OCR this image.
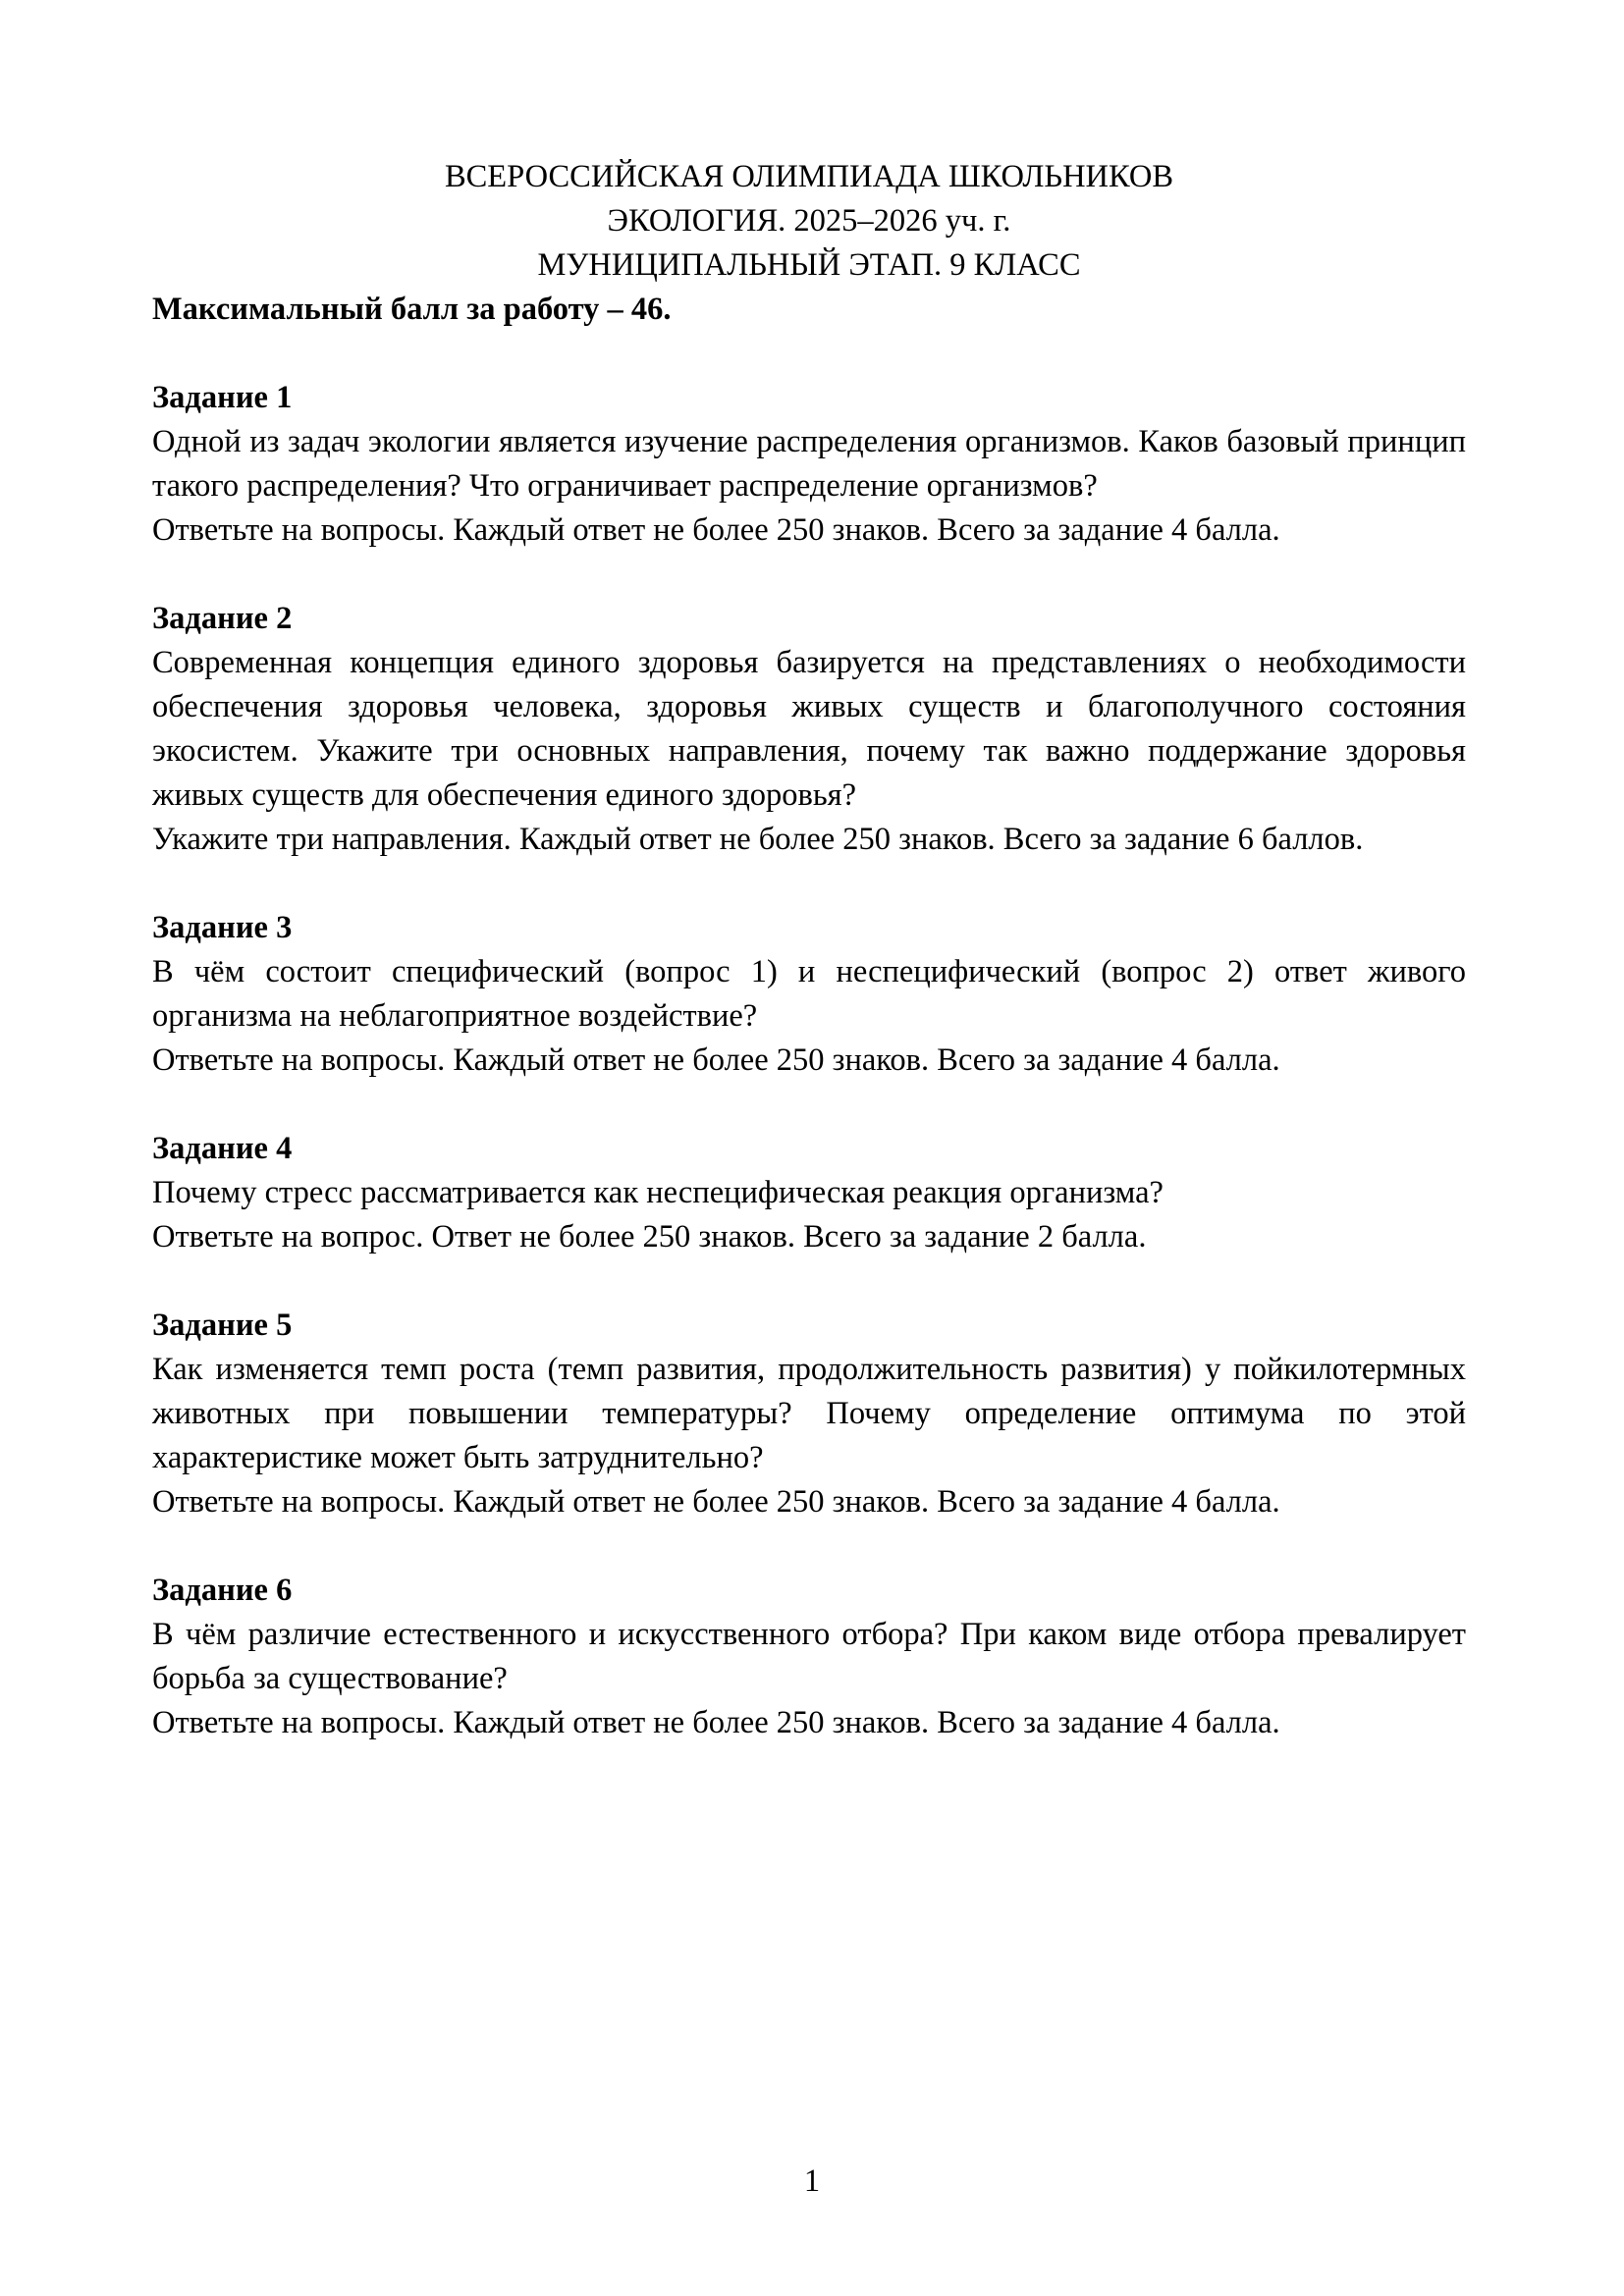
ВСЕРОССИЙСКАЯ ОЛИМПИАДА ШКОЛЬНИКОВ

ЭКОЛОГИЯ. 2025–2026 уч. г.

МУНИЦИПАЛЬНЫЙ ЭТАП. 9 КЛАСС

Максимальный балл за работу – 46.

Задание 1

Одной из задач экологии является изучение распределения организмов. Каков базовый принцип такого распределения? Что ограничивает распределение организмов?

Ответьте на вопросы. Каждый ответ не более 250 знаков. Всего за задание 4 балла.

Задание 2

Современная концепция единого здоровья базируется на представлениях о необходимости обеспечения здоровья человека, здоровья живых существ и благополучного состояния экосистем. Укажите три основных направления, почему так важно поддержание здоровья живых существ для обеспечения единого здоровья?

Укажите три направления. Каждый ответ не более 250 знаков. Всего за задание 6 баллов.

Задание 3

В чём состоит специфический (вопрос 1) и неспецифический (вопрос 2) ответ живого организма на неблагоприятное воздействие?

Ответьте на вопросы. Каждый ответ не более 250 знаков. Всего за задание 4 балла.

Задание 4

Почему стресс рассматривается как неспецифическая реакция организма?

Ответьте на вопрос. Ответ не более 250 знаков. Всего за задание 2 балла.

Задание 5

Как изменяется темп роста (темп развития, продолжительность развития) у пойкилотермных животных при повышении температуры? Почему определение оптимума по этой характеристике может быть затруднительно?

Ответьте на вопросы. Каждый ответ не более 250 знаков. Всего за задание 4 балла.

Задание 6

В чём различие естественного и искусственного отбора? При каком виде отбора превалирует борьба за существование?

Ответьте на вопросы. Каждый ответ не более 250 знаков. Всего за задание 4 балла.

1
